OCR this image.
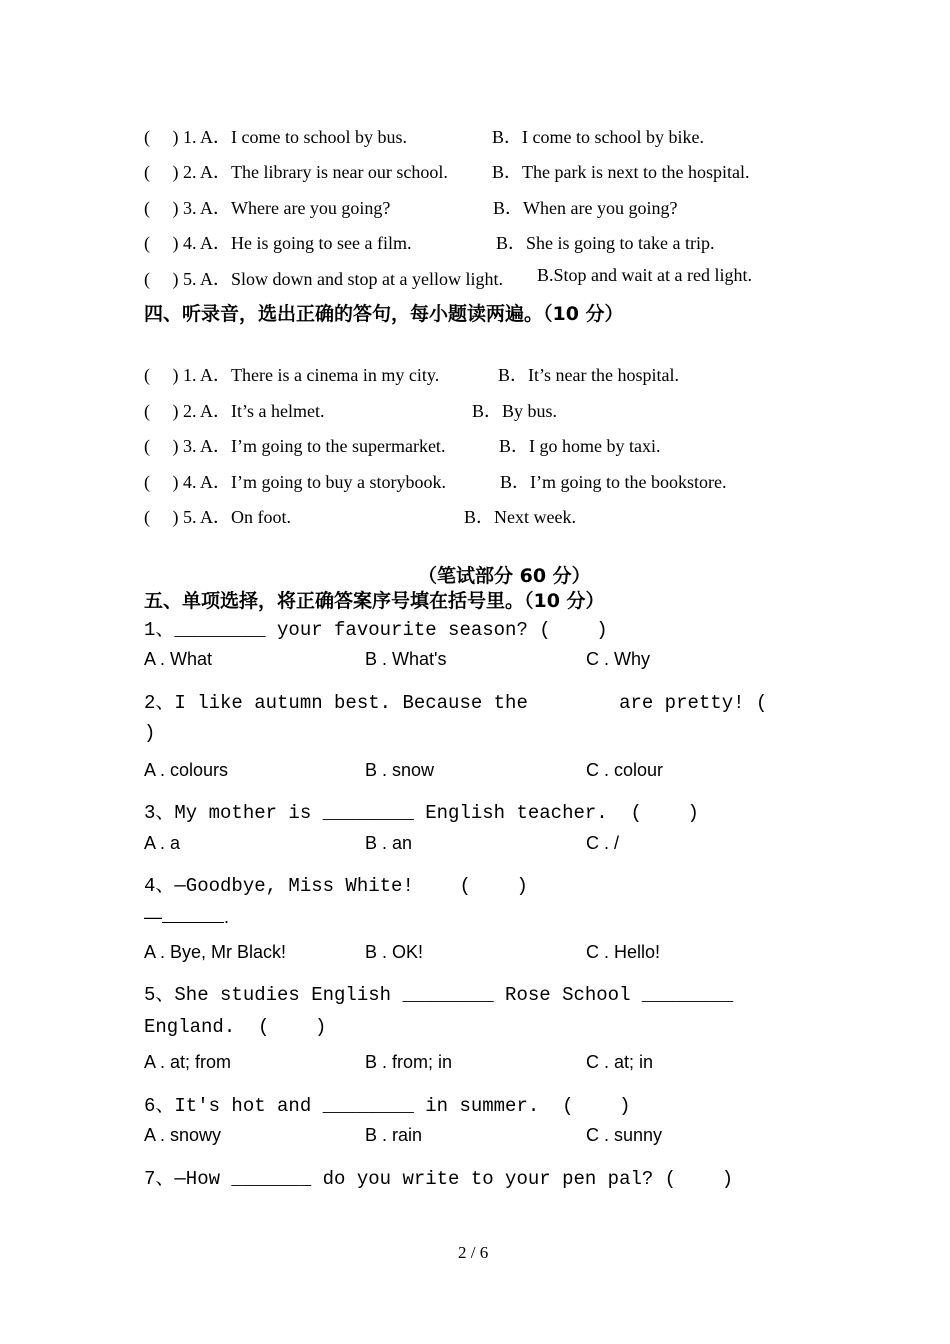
(     ) 1. A．I come to school by bus.	B．I come to school by bike.
(     ) 2. A．The library is near our school. B．The park is next to the hospital.
(     ) 3. A．Where are you going?	B．When are you going?
(     ) 4. A．He is going to see a film.	B．She is going to take a trip.
(     ) 5. A．Slow down and stop at a yellow light. B.Stop and wait at a red light.
四、听录音，选出正确的答句，每小题读两遍。（10 分）
(     ) 1. A．There is a cinema in my city.	B．It’s near the hospital.
(     ) 2. A．It’s a helmet.	B．By bus.
(     ) 3. A．I’m going to the supermarket.	B．I go home by taxi.
(     ) 4. A．I’m going to buy a storybook.	B．I’m going to the bookstore.
(     ) 5. A．On foot.	B．Next week.
（笔试部分 60 分）
五、单项选择，将正确答案序号填在括号里。（10 分）
1、________ your favourite season? (    )
A . What	B . What's	C . Why
2、I like autumn best. Because the        are pretty! (
)
A . colours	B . snow	C . colour
3、My mother is ________ English teacher.  (    )
A . a	B . an	C . /
4、—Goodbye, Miss White!    (    )
—	.
A . Bye, Mr Black!	B . OK!	C . Hello!
5、She studies English ________ Rose School ________
England.  (    )
A . at; from	B . from; in	C . at; in
6、It's hot and ________ in summer.  (    )
A . snowy	B . rain	C . sunny
7、—How _______ do you write to your pen pal? (    )
2 / 6
